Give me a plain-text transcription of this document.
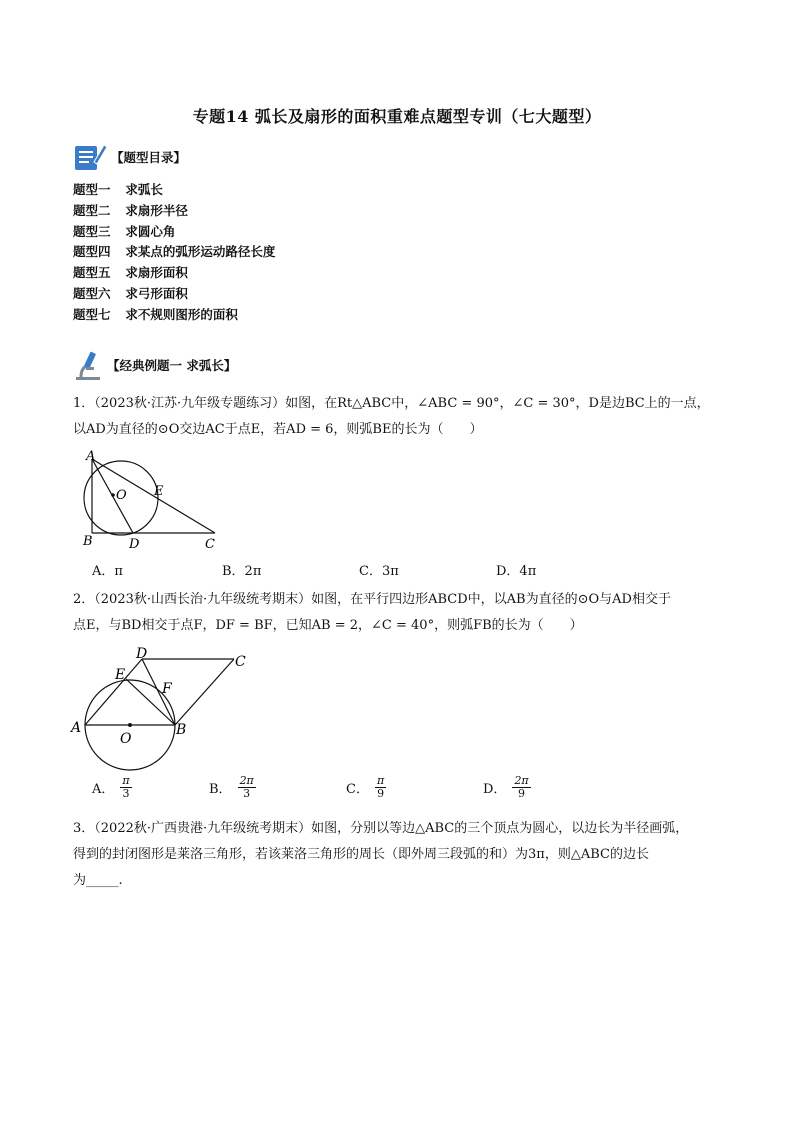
专题14 弧长及扇形的面积重难点题型专训（七大题型）
【题型目录】
题型一 求弧长
题型二 求扇形半径
题型三 求圆心角
题型四 求某点的弧形运动路径长度
题型五 求扇形面积
题型六 求弓形面积
题型七 求不规则图形的面积
【经典例题一 求弧长】
1．（2023秋·江苏·九年级专题练习）如图，在Rt△ABC中，∠ABC = 90°，∠C = 30°，D是边BC上的一点，
以AD为直径的⊙O交边AC于点E，若AD = 6，则弧BE的长为（　　）
A
O E
B	D	C
A．π	B．2π	C．3π	D．4π
2．（2023秋·山西长治·九年级统考期末）如图，在平行四边形ABCD中，以AB为直径的⊙O与AD相交于
点E，与BD相交于点F，DF = BF，已知AB = 2，∠C = 40°，则弧FB的长为（　　）
D	C
E
F
A
O
B
A． $\frac{\pi}{3}$	B． $\frac{2\pi}{3}$	C． $\frac{\pi}{9}$	D． $\frac{2\pi}{9}$
3．（2022秋·广西贵港·九年级统考期末）如图，分别以等边△ABC的三个顶点为圆心，以边长为半径画弧，
得到的封闭图形是莱洛三角形，若该莱洛三角形的周长（即外周三段弧的和）为3π，则△ABC的边长
为_____.
